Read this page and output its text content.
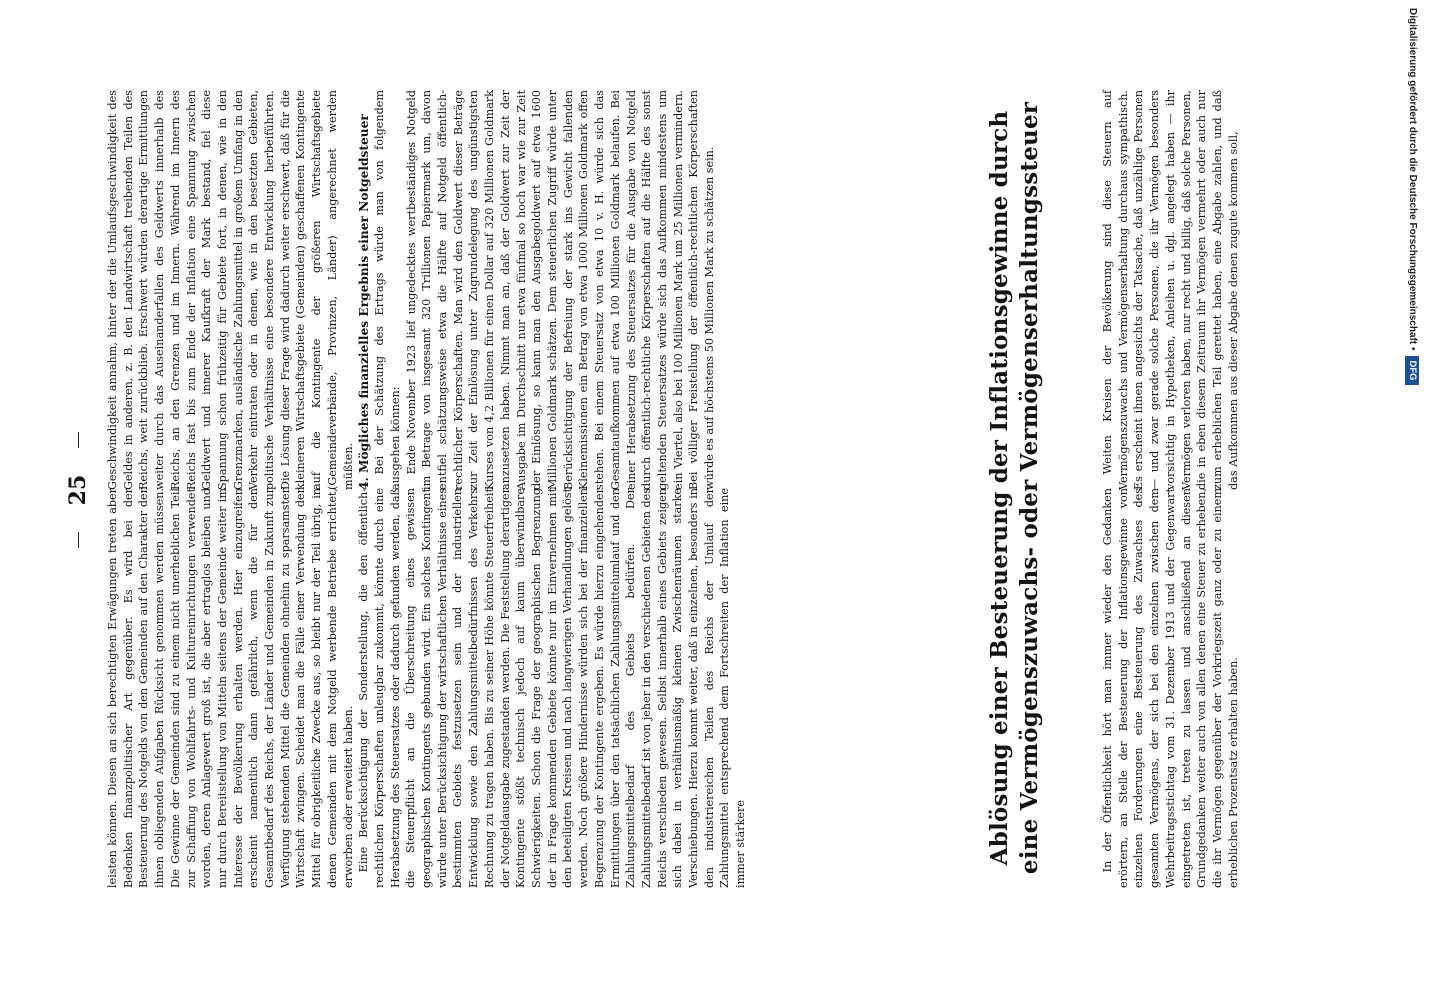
25 leisten können. Diesen an sich berechtigten Erwägungen treten aber Bedenken finanzpolitischer Art gegenüber. Es wird bei der Besteuerung des Notgelds von den Gemeinden auf den Charakter der ihnen obliegenden Aufgaben Rücksicht genommen werden müssen. Die Gewinne der Gemeinden sind zu einem nicht unerheblichen Teil zur Schaffung von Wohlfahrts- und Kultureinrichtungen verwendet worden, deren Anlagewert groß ist, die aber ertraglos bleiben und nur durch Bereitstellung von Mitteln seitens der Gemeinde weiter im Interesse der Bevölkerung erhalten werden. Hier einzugreifen erscheint namentlich dann gefährlich, wenn die für den Gesamtbedarf des Reichs, der Länder und Gemeinden in Zukunft zur Verfügung stehenden Mittel die Gemeinden ohnehin zu sparsamster Wirtschaft zwingen. Scheidet man die Fälle einer Verwendung der Mittel für obrigkeitliche Zwecke aus, so bleibt nur der Teil übrig, in denen Gemeinden mit dem Notgeld werbende Betriebe errichtet, erworben oder erweitert haben. Eine Berücksichtigung der Sonderstellung, die den öffentlich-rechtlichen Körperschaften unleugbar zukommt, könnte durch eine Herabsetzung des Steuersatzes oder dadurch gefunden werden, daß die Steuerpflicht an die Überschreitung eines gewissen geographischen Kontingents gebunden wird. Ein solches Kontingent würde unter Berücksichtigung der wirtschaftlichen Verhältnisse eines bestimmten Gebiets festzusetzen sein und der industriellen Entwicklung sowie den Zahlungsmittelbedürfnissen des Verkehrs Rechnung zu tragen haben. Bis zu seiner Höhe könnte Steuerfreiheit der Notgeldausgabe zugestanden werden. Die Feststellung derartiger Kontingente stößt technisch jedoch auf kaum überwindbare Schwierigkeiten. Schon die Frage der geographischen Begrenzung der in Frage kommenden Gebiete könnte nur im Einvernehmen mit den beteiligten Kreisen und nach langwierigen Verhandlungen gelöst werden. Noch größere Hindernisse würden sich bei der finanziellen Begrenzung der Kontingente ergeben. Es würde hierzu eingehender Ermittlungen über den tatsächlichen Zahlungsmittelumlauf und den Zahlungsmittelbedarf des Gebiets bedürfen. Der Zahlungsmittelbedarf ist von jeher in den verschiedenen Gebieten des Reichs verschieden gewesen. Selbst innerhalb eines Gebiets zeigen sich dabei in verhältnismäßig kleinen Zwischenräumen starke Verschiebungen. Hierzu kommt weiter, daß in einzelnen, besonders in den industriereichen Teilen des Reichs der Umlauf der Zahlungsmittel entsprechend dem Fortschreiten der Inflation eine immer stärkere

Geschwindigkeit annahm, hinter der die Umlaufsgeschwindigkeit des Geldes in anderen, z. B. den Landwirtschaft treibenden Teilen des Reichs, weit zurückblieb. Erschwert würden derartige Ermittlungen weiter durch das Auseinanderfallen des Geldwerts innerhalb des Reichs, an den Grenzen und im Innern. Während im Innern des Reichs fast bis zum Ende der Inflation eine Spannung zwischen Geldwert und innerer Kaufkraft der Mark bestand, fiel diese Spannung schon frühzeitig für Gebiete fort, in denen, wie in den Grenzmarken, ausländische Zahlungsmittel in großem Umfang in den Verkehr eintraten oder in denen, wie in den besetzten Gebieten, politische Verhältnisse eine besondere Entwicklung herbeiführten. Die Lösung dieser Frage wird dadurch weiter erschwert, daß für die kleineren Wirtschaftsgebiete (Gemeinden) geschaffenen Kontingente auf die Kontingente der größeren Wirtschaftsgebiete (Gemeindeverbände, Provinzen, Länder) angerechnet werden müßten. 4. Mögliches finanzielles Ergebnis einer Notgeldsteuer Bei der Schätzung des Ertrags würde man von folgendem ausgehen können: Ende November 1923 lief ungedecktes wertbeständiges Notgeld im Betrage von insgesamt 320 Trillionen Papiermark um, davon entfiel schätzungsweise etwa die Hälfte auf Notgeld öffentlich-rechtlicher Körperschaften. Man wird den Goldwert dieser Beträge zur Zeit der Einlösung unter Zugrundelegung des ungünstigsten Kurses von 4,2 Billionen für einen Dollar auf 320 Millionen Goldmark anzusetzen haben. Nimmt man an, daß der Goldwert zur Zeit der Ausgabe im Durchschnitt nur etwa fünfmal so hoch war wie zur Zeit der Einlösung, so kann man den Ausgabegoldwert auf etwa 1600 Millionen Goldmark schätzen. Dem steuerlichen Zugriff würde unter Berücksichtigung der Befreiung der stark ins Gewicht fallenden Kleinemissionen ein Betrag von etwa 1000 Millionen Goldmark offen stehen. Bei einem Steuersatz von etwa 10 v. H. würde sich das Gesamtaufkommen auf etwa 100 Millionen Goldmark belaufen. Bei einer Herabsetzung des Steuersatzes für die Ausgabe von Notgeld durch öffentlich-rechtliche Körperschaften auf die Hälfte des sonst geltenden Steuersatzes würde sich das Aufkommen mindestens um ein Viertel, also bei 100 Millionen Mark um 25 Millionen vermindern. Bei völliger Freistellung der öffentlich-rechtlichen Körperschaften würde es auf höchstens 50 Millionen Mark zu schätzen sein.	Ablösung einer Besteuerung der Inflationsgewinne durch eine Vermögenszuwachs- oder Vermögenserhaltungssteuer	In der Öffentlichkeit hört man immer wieder den Gedanken erörtern, an Stelle der Besteuerung der Inflationsgewinne von einzelnen Forderungen eine Besteuerung des Zuwachses des gesamten Vermögens, der sich bei den einzelnen zwischen dem Wehrbeitragsstichtag vom 31. Dezember 1913 und der Gegenwart eingetreten ist, treten zu lassen und anschließend an diesen Grundgedanken weiter auch von allen denen eine Steuer zu erheben, die ihr Vermögen gegenüber der Vorkriegszeit ganz oder zu einem erheblichen Prozentsatz erhalten haben.

Weiten Kreisen der Bevölkerung sind diese Steuern auf Vermögenszuwachs und Vermögenserhaltung durchaus sympathisch. Es erscheint ihnen angesichts der Tatsache, daß unzählige Personen — und zwar gerade solche Personen, die ihr Vermögen besonders vorsichtig in Hypotheken, Anleihen u. dgl. angelegt haben — ihr Vermögen verloren haben, nur recht und billig, daß solche Personen, die in eben diesem Zeitraum ihr Vermögen vermehrt oder auch nur zum erheblichen Teil gerettet haben, eine Abgabe zahlen, und daß das Aufkommen aus dieser Abgabe denen zugute kommen soll,	Digitalisierung gefördert durch die Deutsche Forschungsgemeinschaft •
DFG
